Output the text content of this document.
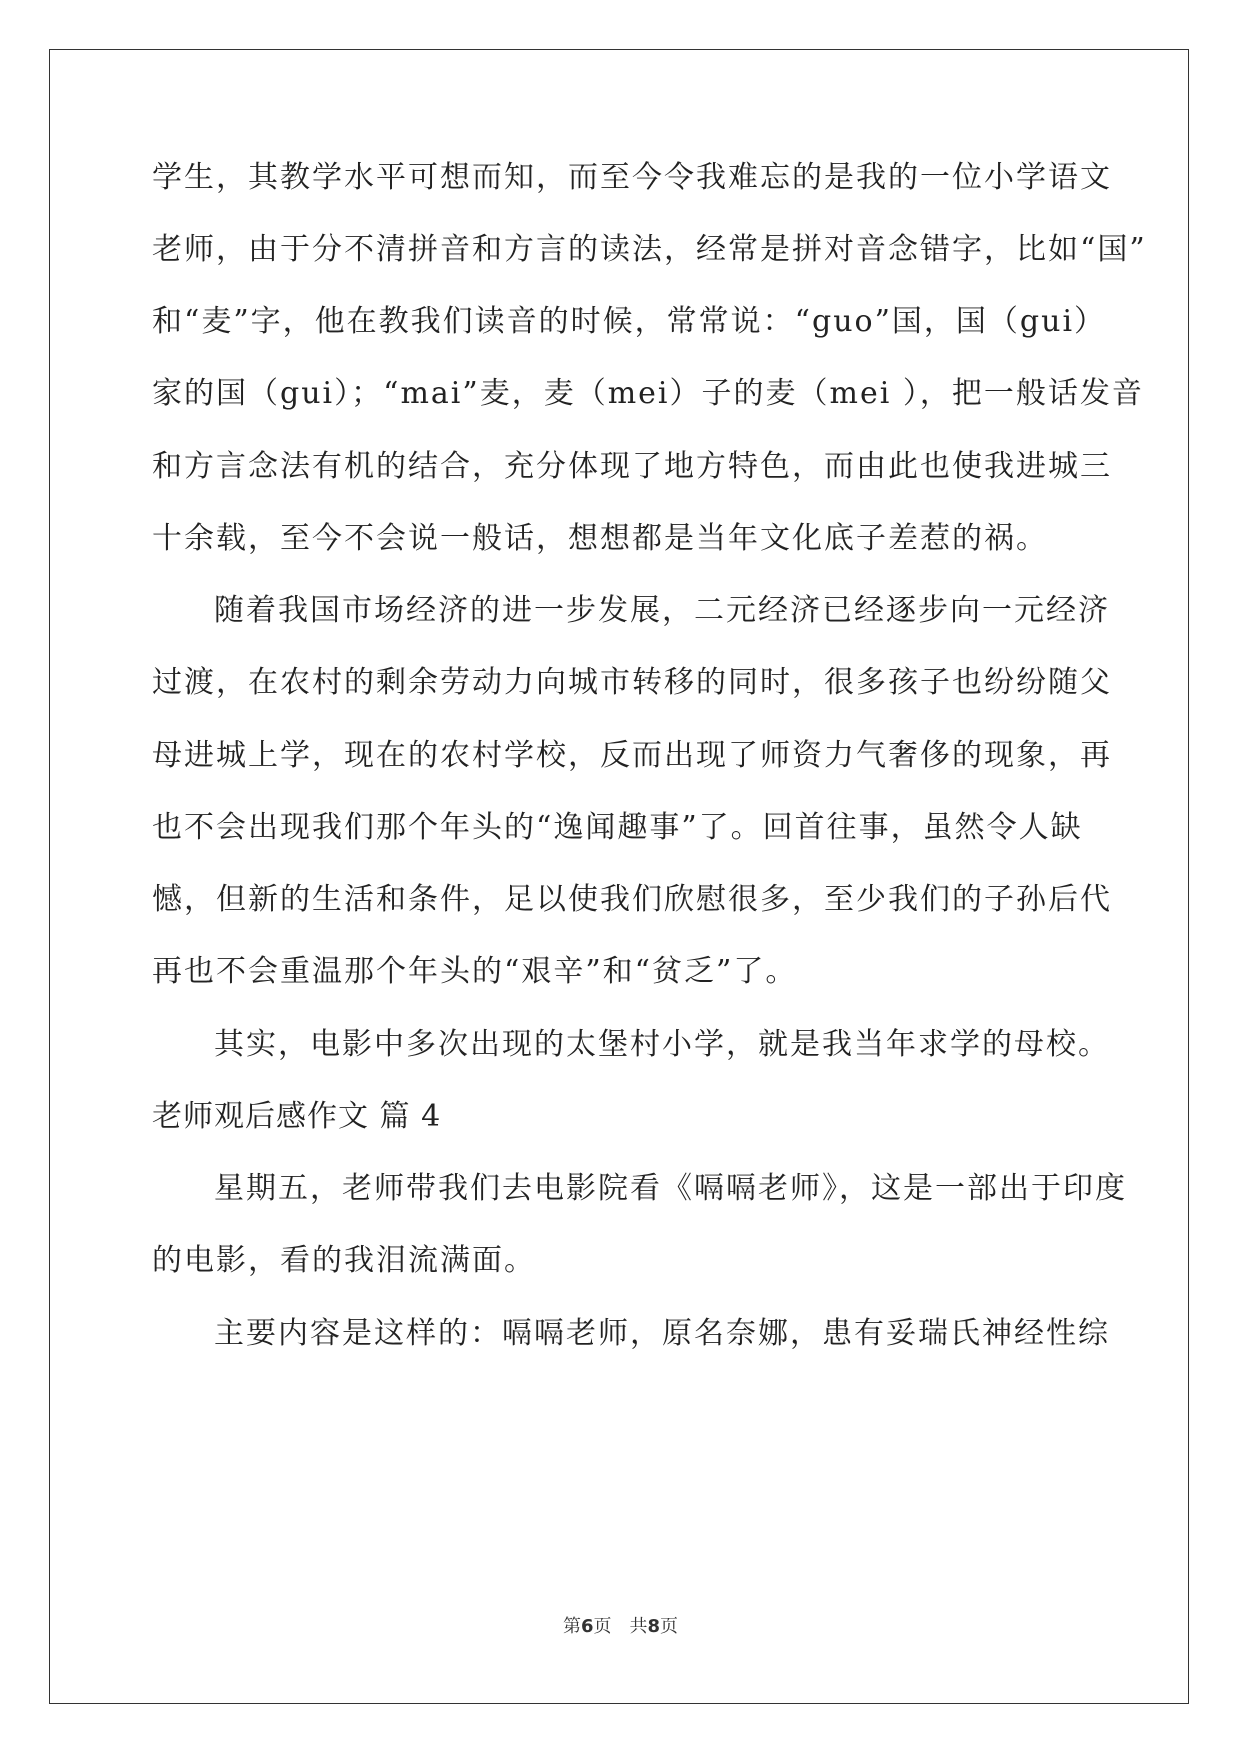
学生，其教学水平可想而知，而至今令我难忘的是我的一位小学语文
老师，由于分不清拼音和方言的读法，经常是拼对音念错字，比如“国”
和“麦”字，他在教我们读音的时候，常常说：“guo”国，国（gui）
家的国（gui）；“mai”麦，麦（mei）子的麦（mei ），把一般话发音
和方言念法有机的结合，充分体现了地方特色，而由此也使我进城三
十余载，至今不会说一般话，想想都是当年文化底子差惹的祸。
随着我国市场经济的进一步发展，二元经济已经逐步向一元经济
过渡，在农村的剩余劳动力向城市转移的同时，很多孩子也纷纷随父
母进城上学，现在的农村学校，反而出现了师资力气奢侈的现象，再
也不会出现我们那个年头的“逸闻趣事”了。回首往事，虽然令人缺
憾，但新的生活和条件，足以使我们欣慰很多，至少我们的子孙后代
再也不会重温那个年头的“艰辛”和“贫乏”了。
其实，电影中多次出现的太堡村小学，就是我当年求学的母校。
老师观后感作文 篇 4
星期五，老师带我们去电影院看《嗝嗝老师》，这是一部出于印度
的电影，看的我泪流满面。
主要内容是这样的：嗝嗝老师，原名奈娜，患有妥瑞氏神经性综
第6页　共8页
